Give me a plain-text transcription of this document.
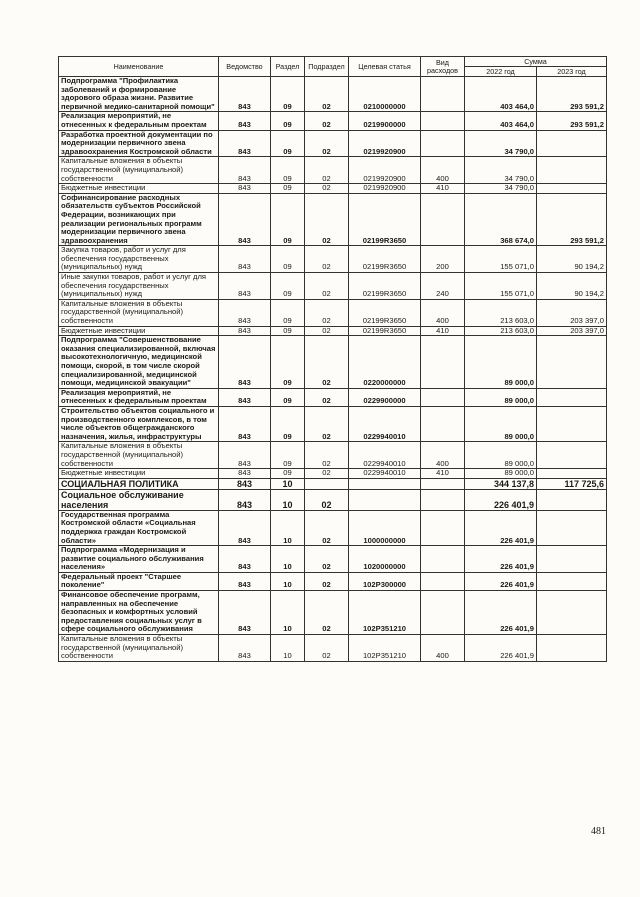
Наименование	Ведомство	Раздел	Подраздел	Целевая статья	Вид расходов	Сумма	
						2022 год	2023 год
Подпрограмма "Профилактика заболеваний и формирование здорового образа жизни. Развитие первичной медико-санитарной помощи"	843	09	02	0210000000		403 464,0	293 591,2
Реализация мероприятий, не отнесенных к федеральным проектам	843	09	02	0219900000		403 464,0	293 591,2
Разработка проектной документации по модернизации первичного звена здравоохранения Костромской области	843	09	02	0219920900		34 790,0	
Капитальные вложения в объекты государственной (муниципальной) собственности	843	09	02	0219920900	400	34 790,0	
Бюджетные инвестиции	843	09	02	0219920900	410	34 790,0	
Софинансирование расходных обязательств субъектов Российской Федерации, возникающих при реализации региональных программ модернизации первичного звена здравоохранения	843	09	02	02199R3650		368 674,0	293 591,2
Закупка товаров, работ и услуг для обеспечения государственных (муниципальных) нужд	843	09	02	02199R3650	200	155 071,0	90 194,2
Иные закупки товаров, работ и услуг для обеспечения государственных (муниципальных) нужд	843	09	02	02199R3650	240	155 071,0	90 194,2
Капитальные вложения в объекты государственной (муниципальной) собственности	843	09	02	02199R3650	400	213 603,0	203 397,0
Бюджетные инвестиции	843	09	02	02199R3650	410	213 603,0	203 397,0
Подпрограмма "Совершенствование оказания специализированной, включая высокотехнологичную, медицинской помощи, скорой, в том числе скорой специализированной, медицинской помощи, медицинской эвакуации"	843	09	02	0220000000		89 000,0	
Реализация мероприятий, не отнесенных к федеральным проектам	843	09	02	0229900000		89 000,0	
Строительство объектов социального и производственного комплексов, в том числе объектов общегражданского назначения, жилья, инфраструктуры	843	09	02	0229940010		89 000,0	
Капитальные вложения в объекты государственной (муниципальной) собственности	843	09	02	0229940010	400	89 000,0	
Бюджетные инвестиции	843	09	02	0229940010	410	89 000,0	
СОЦИАЛЬНАЯ ПОЛИТИКА	843	10				344 137,8	117 725,6
Социальное обслуживание населения	843	10	02			226 401,9	
Государственная программа Костромской области «Социальная поддержка граждан Костромской области»	843	10	02	1000000000		226 401,9	
Подпрограмма «Модернизация и развитие социального обслуживания населения»	843	10	02	1020000000		226 401,9	
Федеральный проект "Старшее поколение"	843	10	02	102P300000		226 401,9	
Финансовое обеспечение программ, направленных на обеспечение безопасных и комфортных условий предоставления социальных услуг в сфере социального обслуживания	843	10	02	102P351210		226 401,9	
Капитальные вложения в объекты государственной (муниципальной) собственности	843	10	02	102P351210	400	226 401,9	
481
